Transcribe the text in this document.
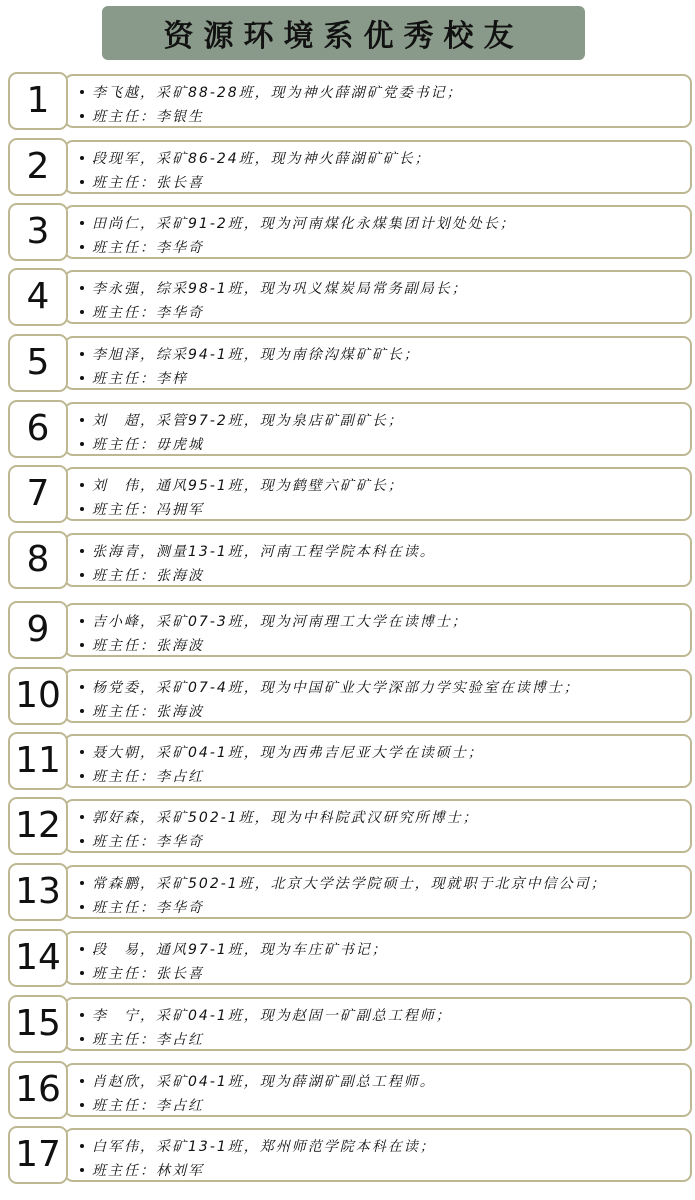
资源环境系优秀校友
李飞越，采矿88-28班，现为神火薛湖矿党委书记；
班主任：李银生
1
段现军，采矿86-24班，现为神火薛湖矿矿长；
班主任：张长喜
2
田尚仁，采矿91-2班，现为河南煤化永煤集团计划处处长；
班主任：李华奇
3
李永强，综采98-1班，现为巩义煤炭局常务副局长；
班主任：李华奇
4
李旭泽，综采94-1班，现为南徐沟煤矿矿长；
班主任：李梓
5
刘　超，采管97-2班，现为泉店矿副矿长；
班主任：毋虎城
6
刘　伟，通风95-1班，现为鹤壁六矿矿长；
班主任：冯拥军
7
张海青，测量13-1班，河南工程学院本科在读。
班主任：张海波
8
吉小峰，采矿07-3班，现为河南理工大学在读博士；
班主任：张海波
9
杨党委，采矿07-4班，现为中国矿业大学深部力学实验室在读博士；
班主任：张海波
10
聂大朝，采矿04-1班，现为西弗吉尼亚大学在读硕士；
班主任：李占红
11
郭好森，采矿502-1班，现为中科院武汉研究所博士；
班主任：李华奇
12
常森鹏，采矿502-1班，北京大学法学院硕士，现就职于北京中信公司；
班主任：李华奇
13
段　易，通风97-1班，现为车庄矿书记；
班主任：张长喜
14
李　宁，采矿04-1班，现为赵固一矿副总工程师；
班主任：李占红
15
肖赵欣，采矿04-1班，现为薛湖矿副总工程师。
班主任：李占红
16
白军伟，采矿13-1班，郑州师范学院本科在读；
班主任：林刘军
17
